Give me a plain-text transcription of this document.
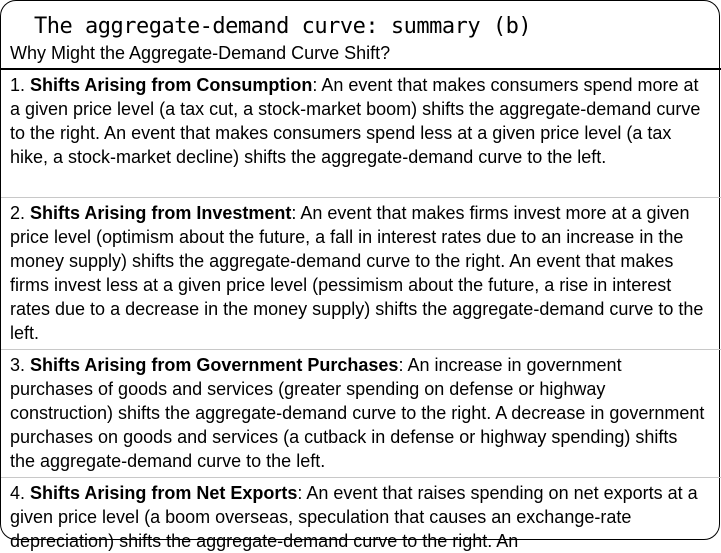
The aggregate-demand curve: summary (b)
Why Might the Aggregate-Demand Curve Shift?
1. Shifts Arising from Consumption: An event that makes consumers spend more at a given price level (a tax cut, a stock-market boom) shifts the aggregate-demand curve to the right. An event that makes consumers spend less at a given price level (a tax hike, a stock-market decline) shifts the aggregate-demand curve to the left.
2. Shifts Arising from Investment: An event that makes firms invest more at a given price level (optimism about the future, a fall in interest rates due to an increase in the money supply) shifts the aggregate-demand curve to the right. An event that makes firms invest less at a given price level (pessimism about the future, a rise in interest rates due to a decrease in the money supply) shifts the aggregate-demand curve to the left.
3. Shifts Arising from Government Purchases: An increase in government purchases of goods and services (greater spending on defense or highway construction) shifts the aggregate-demand curve to the right. A decrease in government purchases on goods and services (a cutback in defense or highway spending) shifts the aggregate-demand curve to the left.
4. Shifts Arising from Net Exports: An event that raises spending on net exports at a given price level (a boom overseas, speculation that causes an exchange-rate depreciation) shifts the aggregate-demand curve to the right. An
